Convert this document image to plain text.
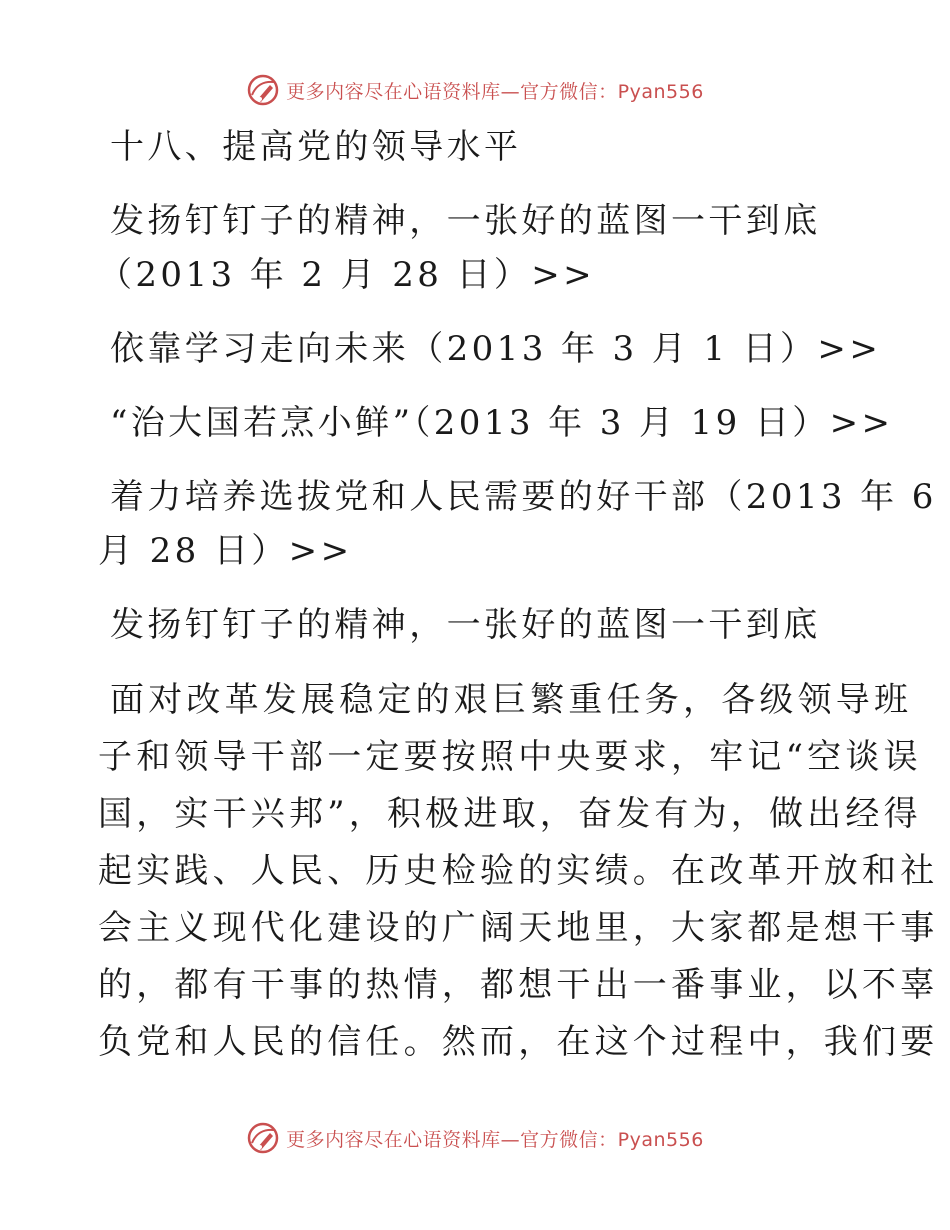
更多内容尽在心语资料库—官方微信：Pyan556

十八、提高党的领导水平

发扬钉钉子的精神，一张好的蓝图一干到底

（2013 年 2 月 28 日）>>

依靠学习走向未来（2013 年 3 月 1 日）>>

“治大国若烹小鲜”（2013 年 3 月 19 日）>>

着力培养选拔党和人民需要的好干部（2013 年 6

月 28 日）>>

发扬钉钉子的精神，一张好的蓝图一干到底

面对改革发展稳定的艰巨繁重任务，各级领导班

子和领导干部一定要按照中央要求，牢记“空谈误

国，实干兴邦”，积极进取，奋发有为，做出经得

起实践、人民、历史检验的实绩。在改革开放和社

会主义现代化建设的广阔天地里，大家都是想干事

的，都有干事的热情，都想干出一番事业，以不辜

负党和人民的信任。然而，在这个过程中，我们要

更多内容尽在心语资料库—官方微信：Pyan556
